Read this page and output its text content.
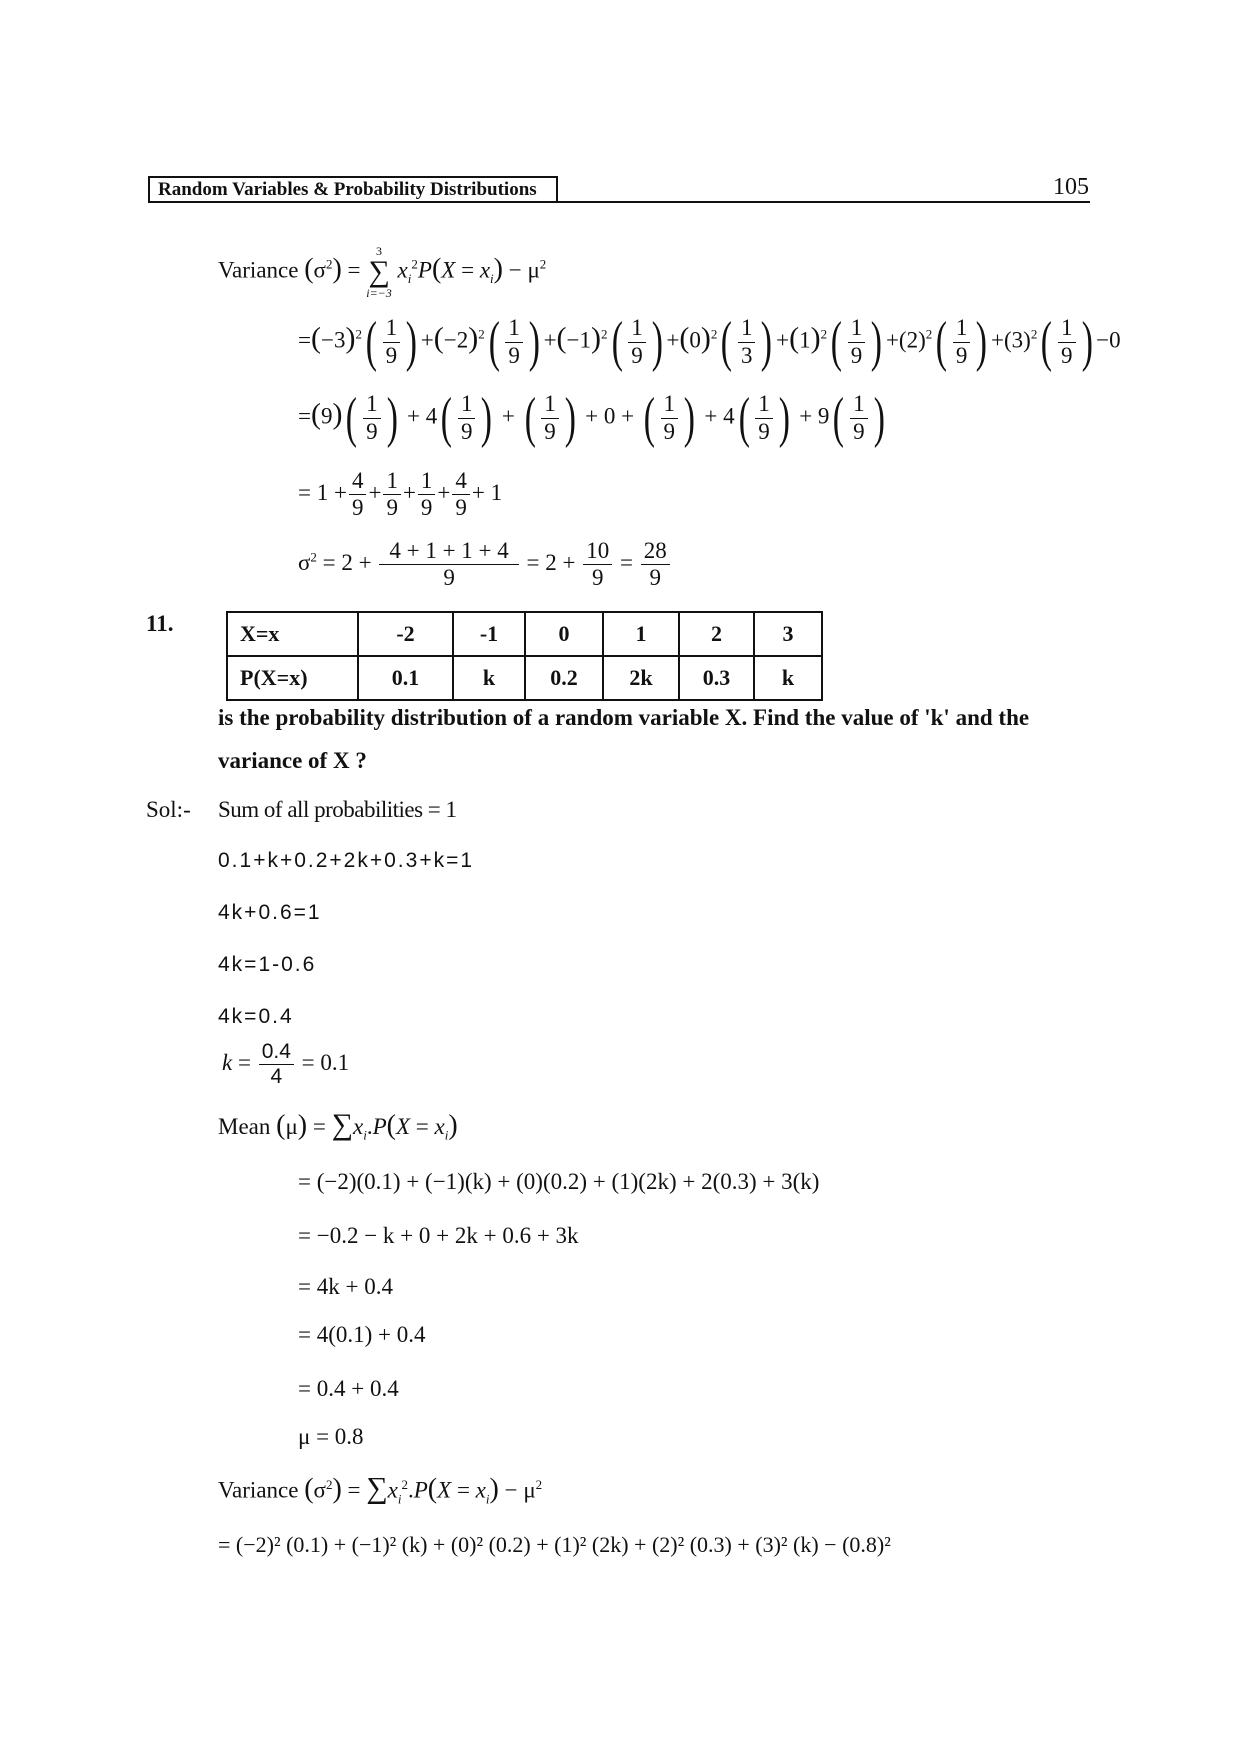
Random Variables & Probability Distributions	105
Variance $(\sigma^2)$ =
3
∑
i=−3
$x_i^2P(X = x_i) - \mu^2$
$=(-3)^2$ ( $\frac{1}{9}$ ) $+(-2)^2$ ( $\frac{1}{9}$ ) $+(-1)^2$ ( $\frac{1}{9}$ ) $+(0)^2$ ( $\frac{1}{3}$ ) $+(1)^2$ ( $\frac{1}{9}$ ) $+(2)^2$ ( $\frac{1}{9}$ ) $+(3)^2$ ( $\frac{1}{9}$ ) −0
=(9) ( $\frac{1}{9}$ ) + 4 ( $\frac{1}{9}$ ) + ( $\frac{1}{9}$ ) + 0 + ( $\frac{1}{9}$ ) + 4 ( $\frac{1}{9}$ ) + 9 ( $\frac{1}{9}$ )
= $1 + \frac{4}{9} + \frac{1}{9} + \frac{1}{9} + \frac{4}{9} + 1$
$\sigma^2 = 2 + \frac{4 + 1 + 1 + 4}{9} = 2 + \frac{10}{9} = \frac{28}{9}$
11.	X=x	-2	-1	0	1	2	3
P(X=x)	0.1	k	0.2	2k	0.3	k
is the probability distribution of a random variable X. Find the value of 'k' and the
variance of X ?
Sol:- Sum of all probabilities = 1
0.1+k+0.2+2k+0.3+k=1
4k+0.6=1
4k=1-0.6
4k=0.4
$k = \frac{0.4}{4} = 0.1$
Mean $(\mu) = \sum x_i.P(X = x_i)$
= (−2)(0.1) + (−1)(k) + (0)(0.2) + (1)(2k) + 2(0.3) + 3(k)
= −0.2 − k + 0 + 2k + 0.6 + 3k
= 4k + 0.4
= 4(0.1) + 0.4
= 0.4 + 0.4
μ = 0.8
Variance $(\sigma^2) = \sum x_i^2.P(X = x_i) - \mu^2$
= (−2)² (0.1) + (−1)² (k) + (0)² (0.2) + (1)² (2k) + (2)² (0.3) + (3)² (k) − (0.8)²
